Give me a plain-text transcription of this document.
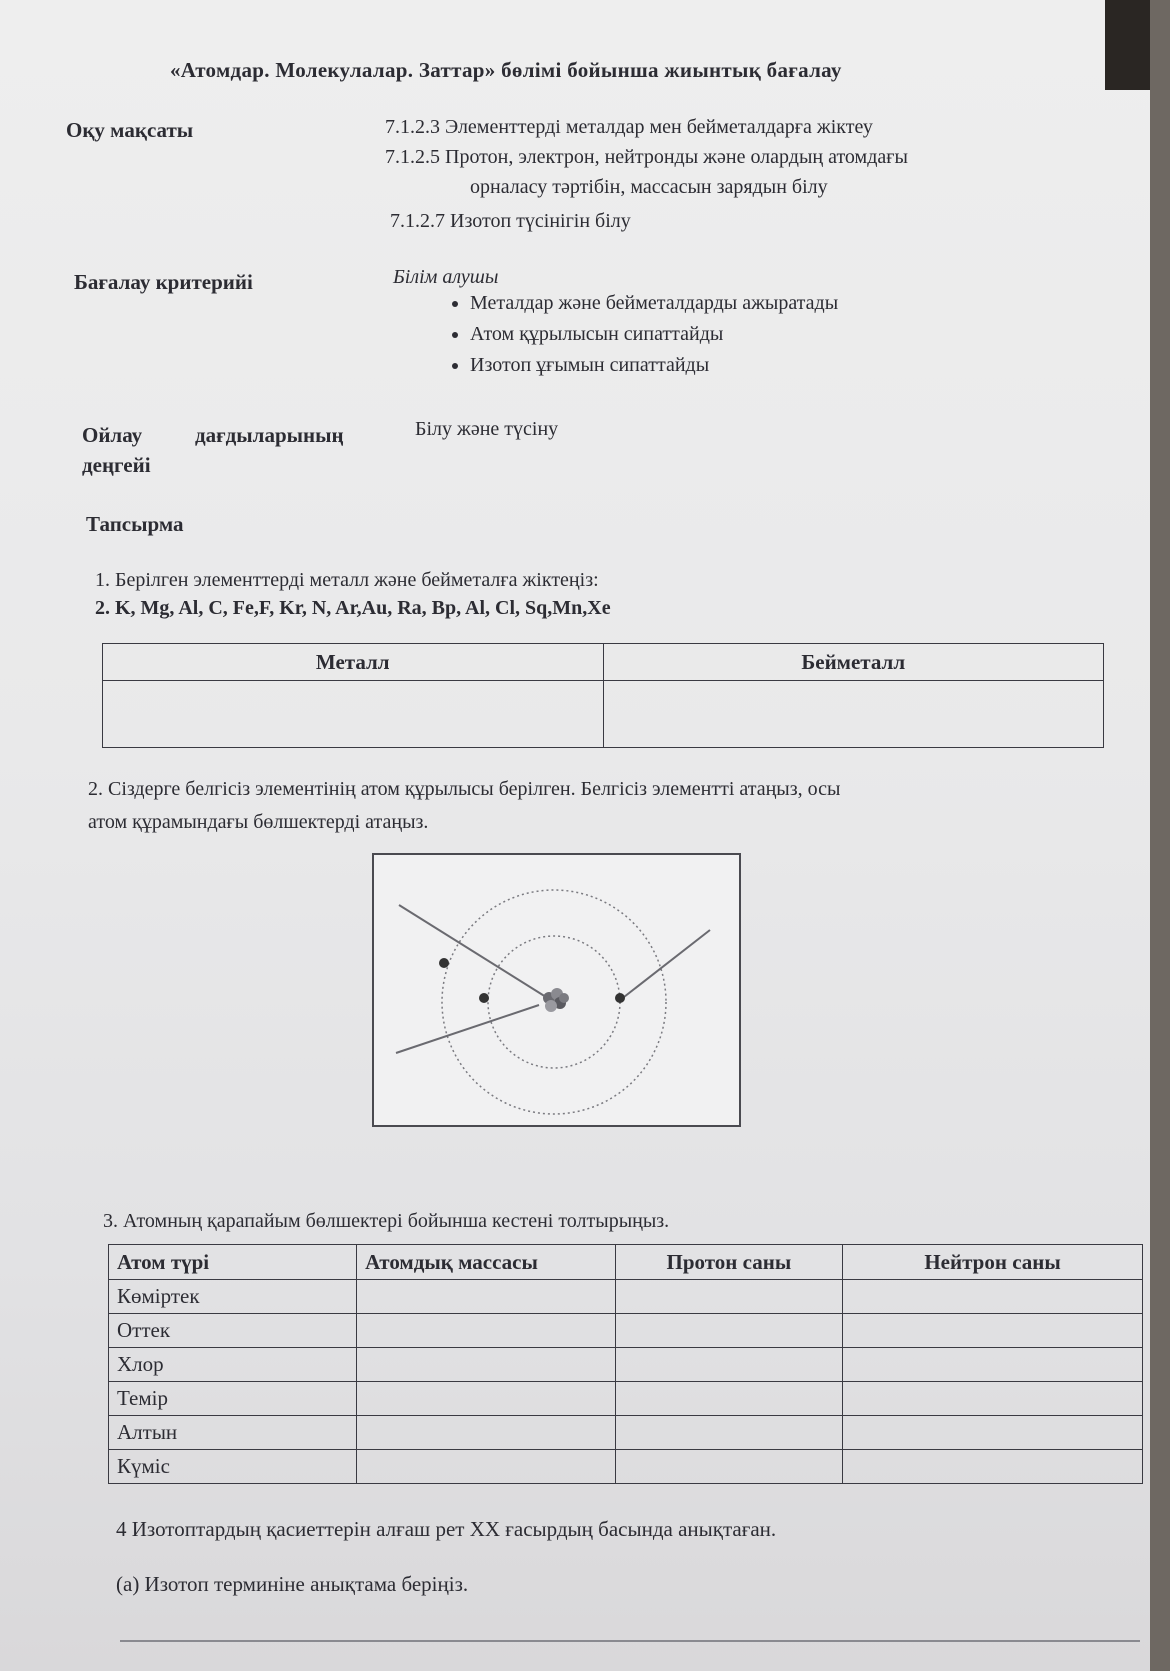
«Атомдар. Молекулалар. Заттар» бөлімі бойынша жиынтық бағалау
Оқу мақсаты	7.1.2.3 Элементтерді металдар мен бейметалдарға жіктеу
7.1.2.5 Протон, электрон, нейтронды және олардың атомдағы
орналасу тәртібін, массасын зарядын білу
7.1.2.7 Изотоп түсінігін білу
Бағалау критерийі	Білім алушы
• Металдар және бейметалдарды ажыратады
• Атом құрылысын сипаттайды
• Изотоп ұғымын сипаттайды
Ойлау	дағдыларының
деңгейі
Білу және түсіну
Тапсырма
1. Берілген элементтерді металл және бейметалға жіктеңіз:
2. K, Mg, Al, C, Fe,F, Kr, N, Ar,Au, Ra, Bp, Al, Cl, Sq,Mn,Xe
Металл	Бейметалл

2. Сіздерге белгісіз элементінің атом құрылысы берілген. Белгісіз элементті атаңыз, осы
атом құрамындағы бөлшектерді атаңыз.
3. Атомның қарапайым бөлшектері бойынша кестені толтырыңыз.
Атом түрі	Атомдық массасы	Протон саны	Нейтрон саны
Көміртек			
Оттек			
Хлор			
Темір			
Алтын			
Күміс			
4 Изотоптардың қасиеттерін алғаш рет XX ғасырдың басында анықтаған.
(а) Изотоп терминіне анықтама беріңіз.
